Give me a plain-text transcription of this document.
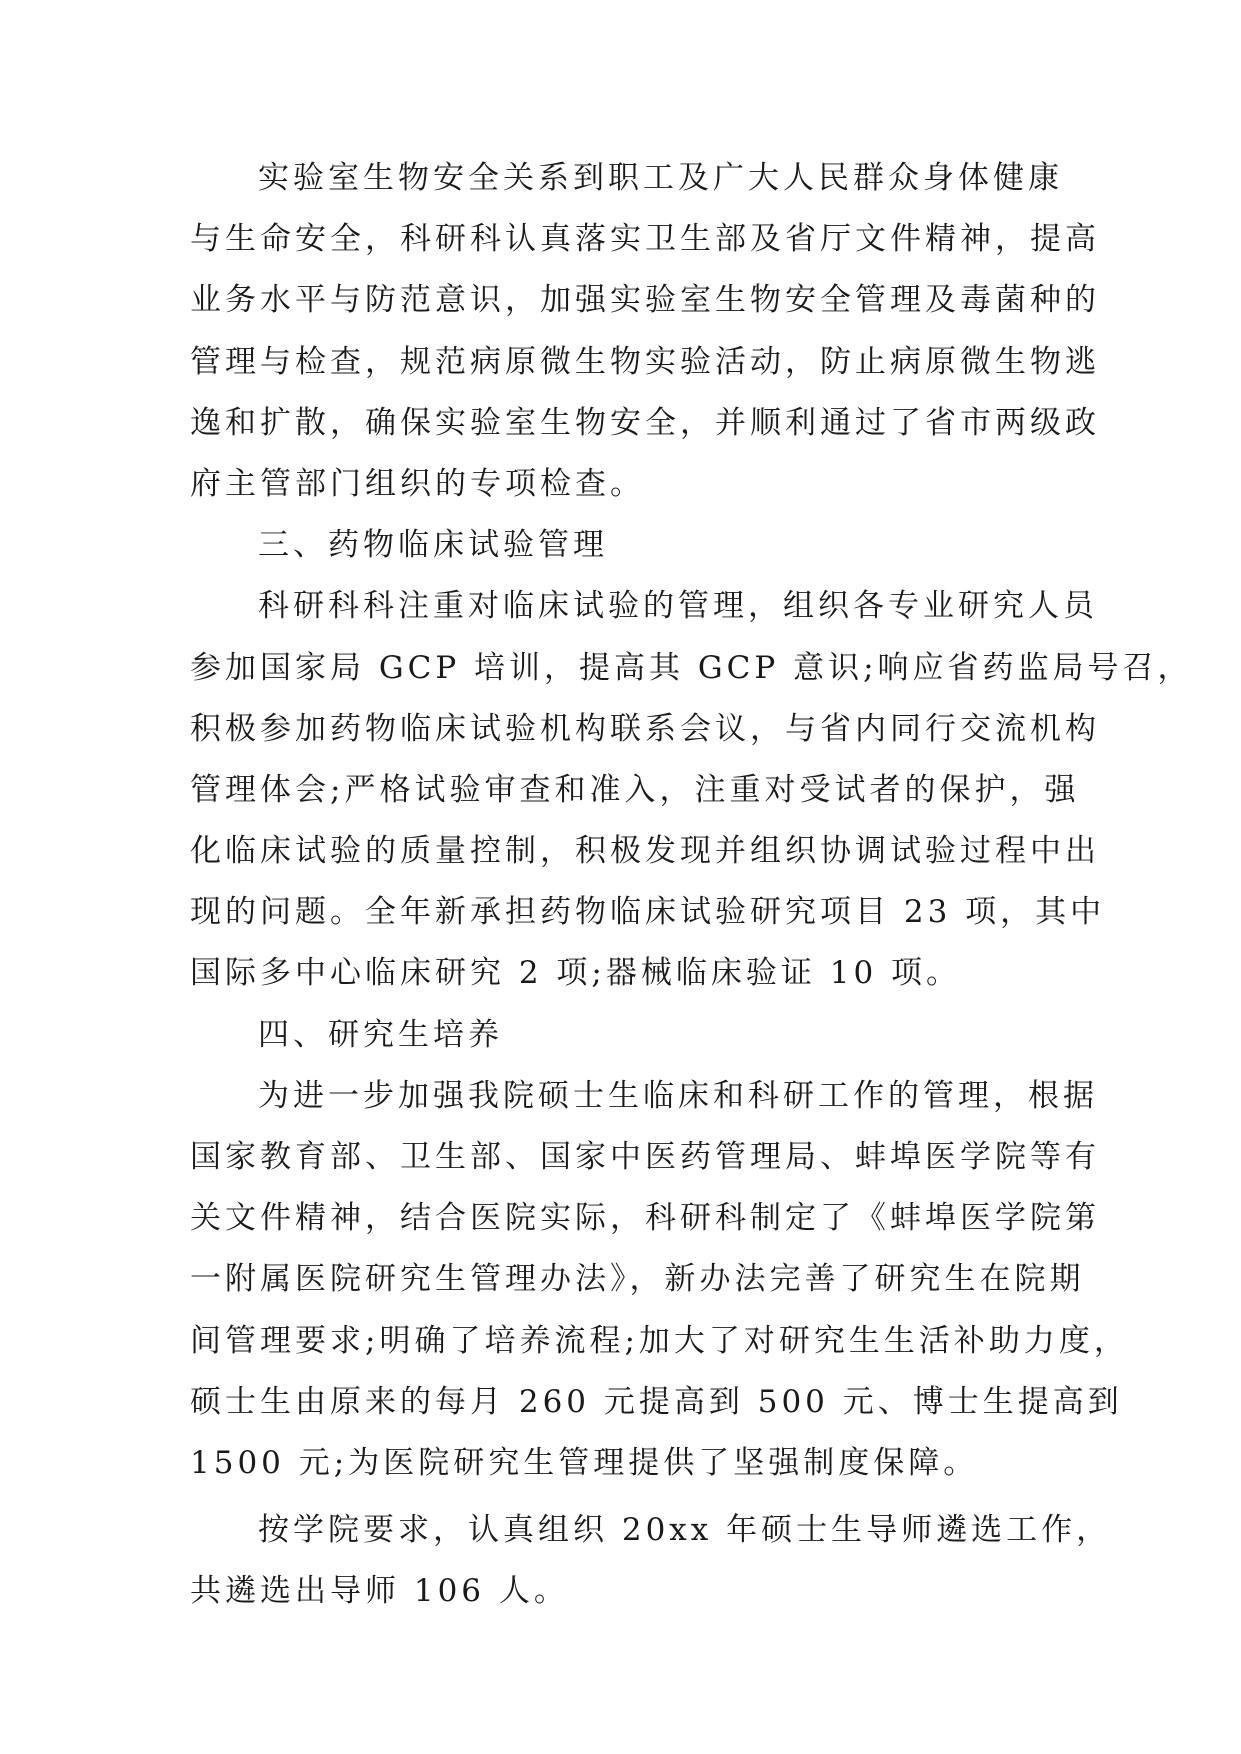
实验室生物安全关系到职工及广大人民群众身体健康
与生命安全，科研科认真落实卫生部及省厅文件精神，提高
业务水平与防范意识，加强实验室生物安全管理及毒菌种的
管理与检查，规范病原微生物实验活动，防止病原微生物逃
逸和扩散，确保实验室生物安全，并顺利通过了省市两级政
府主管部门组织的专项检查。
三、药物临床试验管理
科研科科注重对临床试验的管理，组织各专业研究人员
参加国家局 GCP 培训，提高其 GCP 意识;响应省药监局号召，
积极参加药物临床试验机构联系会议，与省内同行交流机构
管理体会;严格试验审查和准入，注重对受试者的保护，强
化临床试验的质量控制，积极发现并组织协调试验过程中出
现的问题。全年新承担药物临床试验研究项目 23 项，其中
国际多中心临床研究 2 项;器械临床验证 10 项。
四、研究生培养
为进一步加强我院硕士生临床和科研工作的管理，根据
国家教育部、卫生部、国家中医药管理局、蚌埠医学院等有
关文件精神，结合医院实际，科研科制定了《蚌埠医学院第
一附属医院研究生管理办法》，新办法完善了研究生在院期
间管理要求;明确了培养流程;加大了对研究生生活补助力度，
硕士生由原来的每月 260 元提高到 500 元、博士生提高到
1500 元;为医院研究生管理提供了坚强制度保障。
按学院要求，认真组织 20xx 年硕士生导师遴选工作，
共遴选出导师 106 人。
